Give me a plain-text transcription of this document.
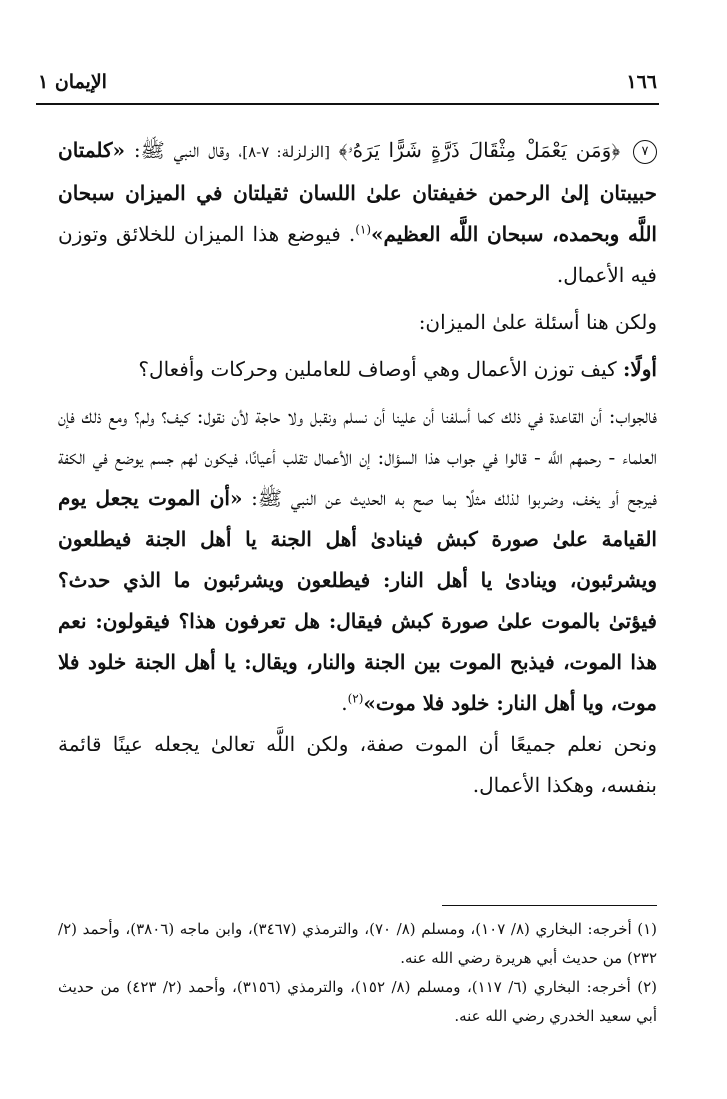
١٦٦
الإيمان ١

٧ ﴿وَمَن يَعْمَلْ مِثْقَالَ ذَرَّةٍ شَرًّا يَرَهُۥ﴾ [الزلزلة: ٧-٨]، وقال النبي ﷺ: «كلمتان حبيبتان إلىٰ الرحمن خفيفتان علىٰ اللسان ثقيلتان في الميزان سبحان اللَّه وبحمده، سبحان اللَّه العظيم»$^{(١)}$. فيوضع هذا الميزان للخلائق وتوزن فيه الأعمال.

ولكن هنا أسئلة علىٰ الميزان:

أولًا: كيف توزن الأعمال وهي أوصاف للعاملين وحركات وأفعال؟

فالجواب: أن القاعدة في ذلك كما أسلفنا أن علينا أن نسلم ونقبل ولا حاجة لأن نقول: كيف؟ ولم؟ ومع ذلك فإن العلماء - رحمهم اللَّه - قالوا في جواب هذا السؤال: إن الأعمال تقلب أعيانًا، فيكون لهم جسم يوضع في الكفة فيرجح أو يخف، وضربوا لذلك مثلًا بما صح به الحديث عن النبي ﷺ: «أن الموت يجعل يوم القيامة علىٰ صورة كبش فينادىٰ أهل الجنة يا أهل الجنة فيطلعون ويشرئبون، وينادىٰ يا أهل النار: فيطلعون ويشرئبون ما الذي حدث؟ فيؤتىٰ بالموت علىٰ صورة كبش فيقال: هل تعرفون هذا؟ فيقولون: نعم هذا الموت، فيذبح الموت بين الجنة والنار، ويقال: يا أهل الجنة خلود فلا موت، ويا أهل النار: خلود فلا موت»$^{(٢)}$.

ونحن نعلم جميعًا أن الموت صفة، ولكن اللَّه تعالىٰ يجعله عينًا قائمة بنفسه، وهكذا الأعمال.

(١) أخرجه: البخاري (٨/ ١٠٧)، ومسلم (٨/ ٧٠)، والترمذي (٣٤٦٧)، وابن ماجه (٣٨٠٦)، وأحمد (٢/ ٢٣٢) من حديث أبي هريرة رضي الله عنه.

(٢) أخرجه: البخاري (٦/ ١١٧)، ومسلم (٨/ ١٥٢)، والترمذي (٣١٥٦)، وأحمد (٢/ ٤٢٣) من حديث أبي سعيد الخدري رضي الله عنه.
